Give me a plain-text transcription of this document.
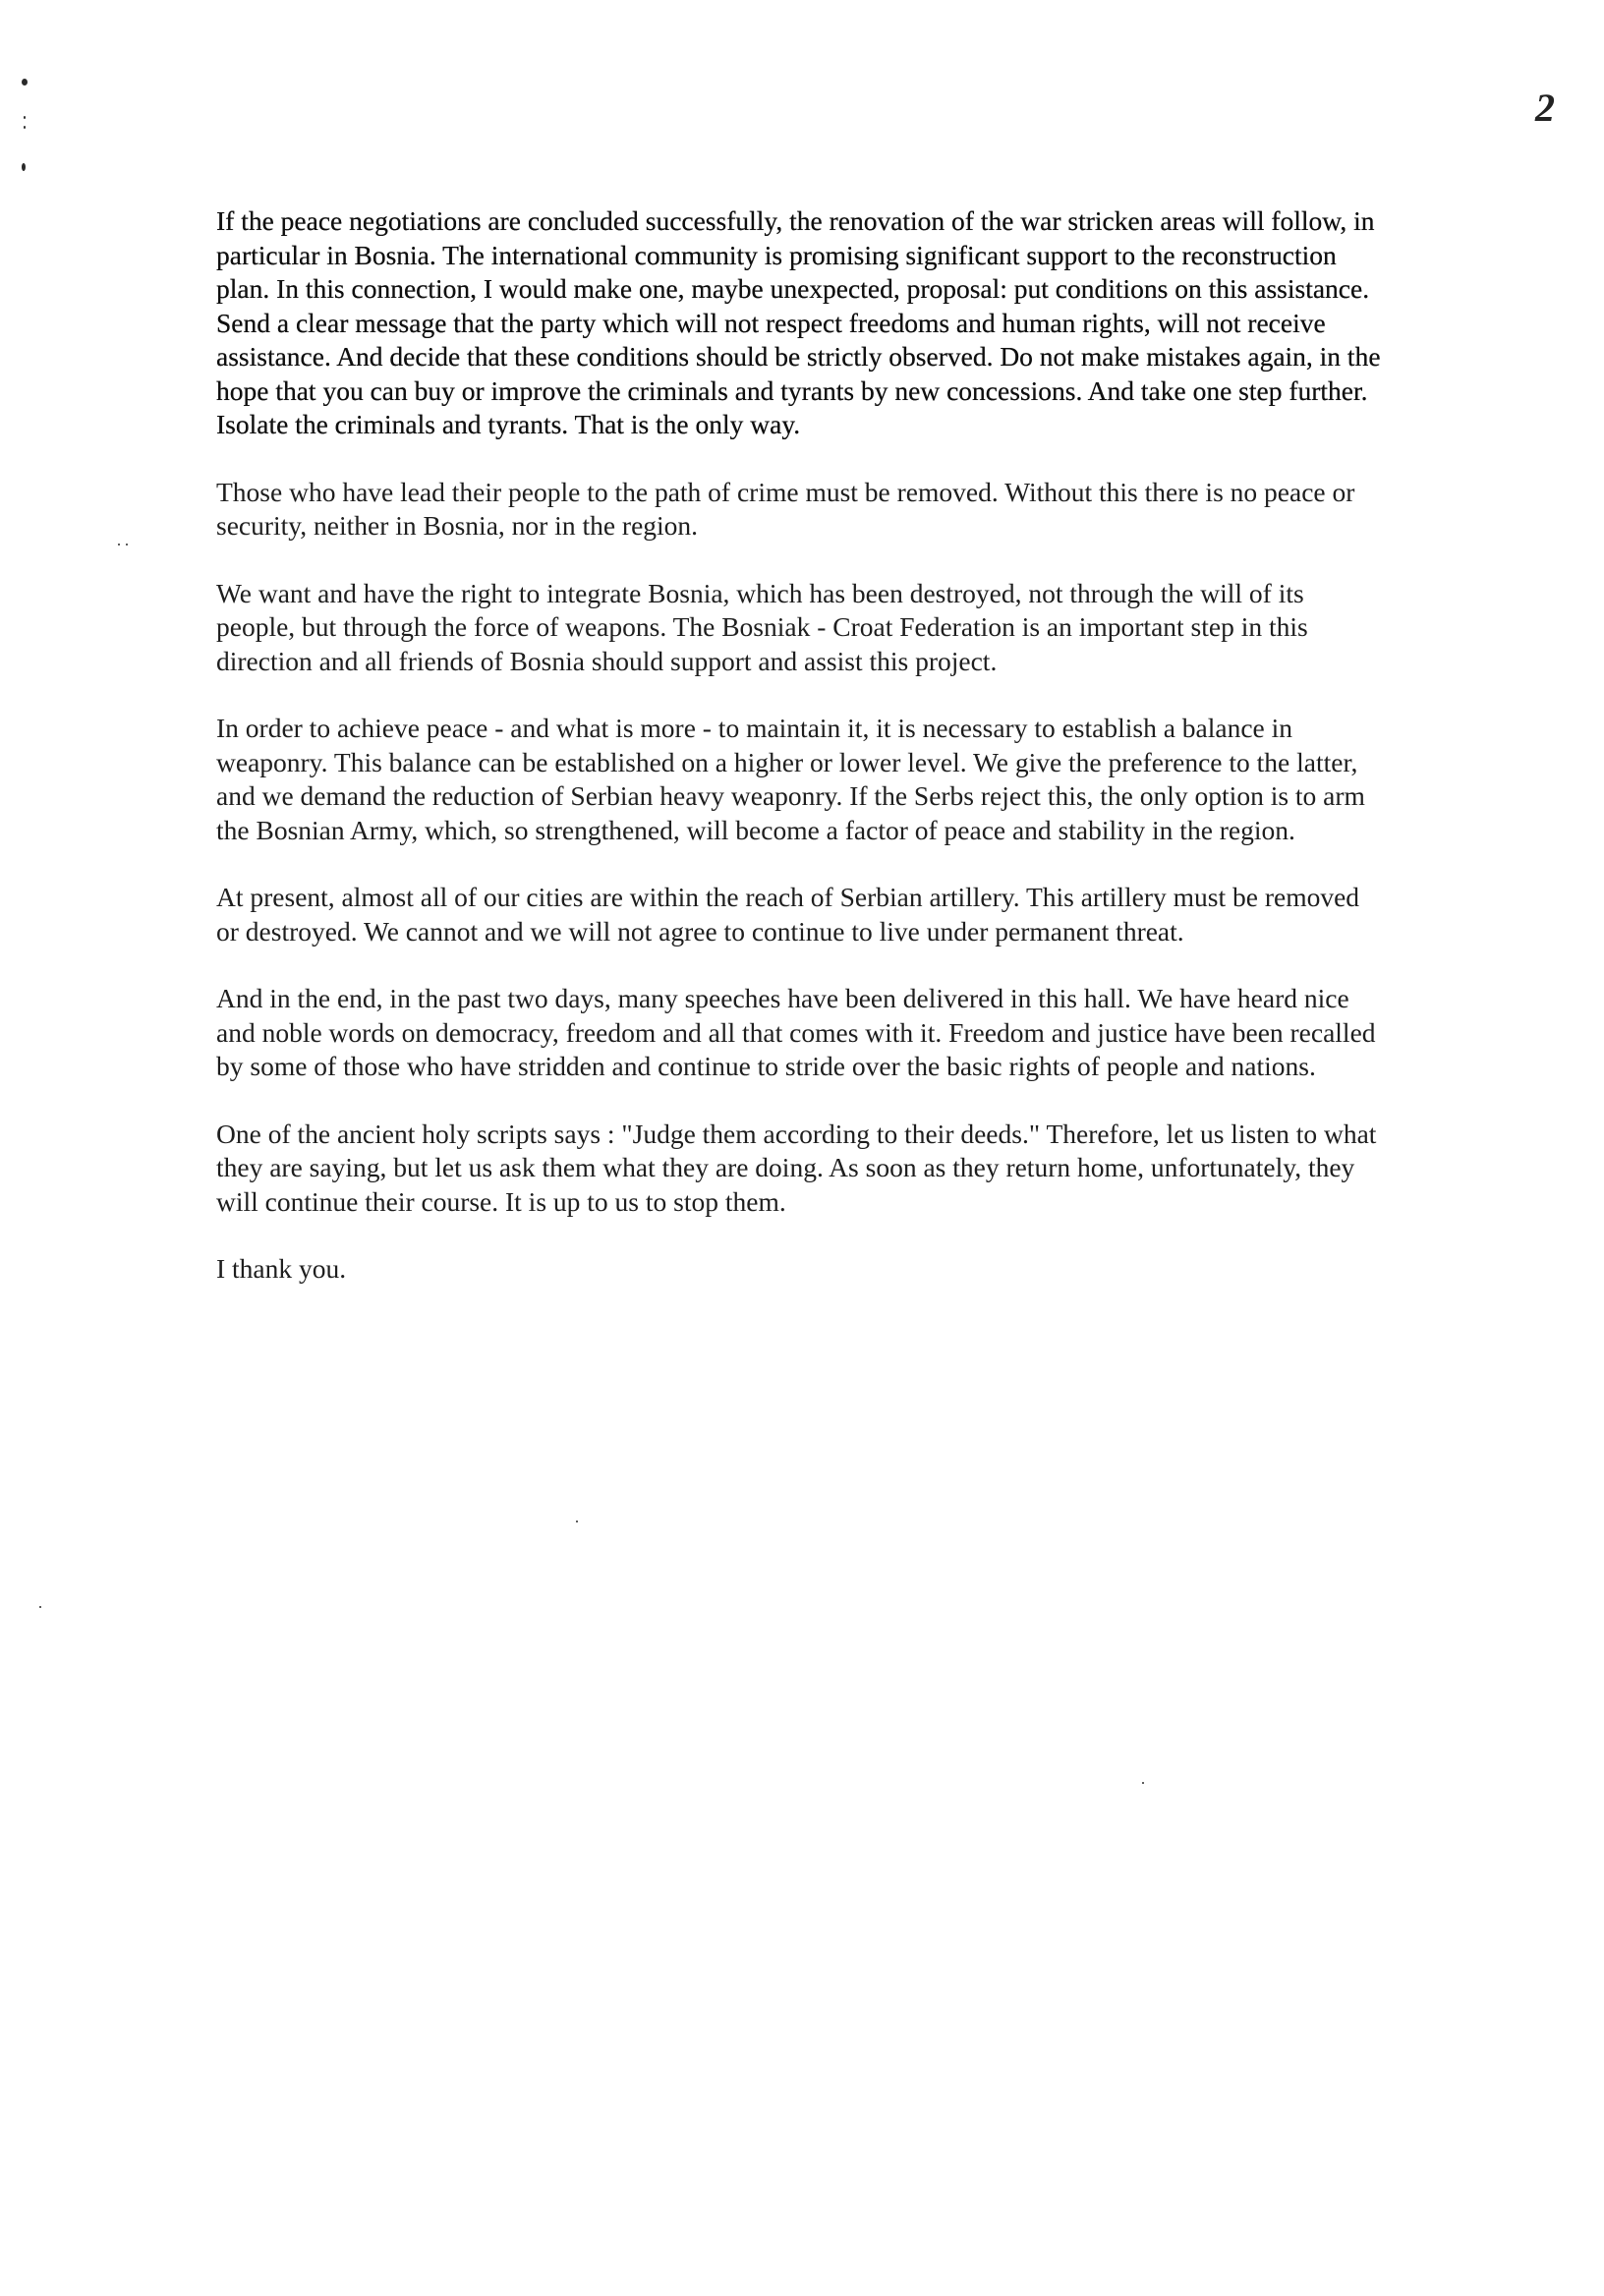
2

If the peace negotiations are concluded successfully, the renovation of the war stricken areas will follow, in particular in Bosnia. The international community is promising significant support to the reconstruction plan. In this connection, I would make one, maybe unexpected, proposal: put conditions on this assistance. Send a clear message that the party which will not respect freedoms and human rights, will not receive assistance. And decide that these conditions should be strictly observed. Do not make mistakes again, in the hope that you can buy or improve the criminals and tyrants by new concessions. And take one step further. Isolate the criminals and tyrants. That is the only way.

Those who have lead their people to the path of crime must be removed. Without this there is no peace or security, neither in Bosnia, nor in the region.

We want and have the right to integrate Bosnia, which has been destroyed, not through the will of its people, but through the force of weapons. The Bosniak - Croat Federation is an important step in this direction and all friends of Bosnia should support and assist this project.

In order to achieve peace - and what is more - to maintain it, it is necessary to establish a balance in weaponry. This balance can be established on a higher or lower level. We give the preference to the latter, and we demand the reduction of Serbian heavy weaponry. If the Serbs reject this, the only option is to arm the Bosnian Army, which, so strengthened, will become a factor of peace and stability in the region.

At present, almost all of our cities are within the reach of Serbian artillery. This artillery must be removed or destroyed. We cannot and we will not agree to continue to live under permanent threat.

And in the end, in the past two days, many speeches have been delivered in this hall. We have heard nice and noble words on democracy, freedom and all that comes with it. Freedom and justice have been recalled by some of those who have stridden and continue to stride over the basic rights of people and nations.

One of the ancient holy scripts says : "Judge them according to their deeds." Therefore, let us listen to what they are saying, but let us ask them what they are doing. As soon as they return home, unfortunately, they will continue their course. It is up to us to stop them.

I thank you.
